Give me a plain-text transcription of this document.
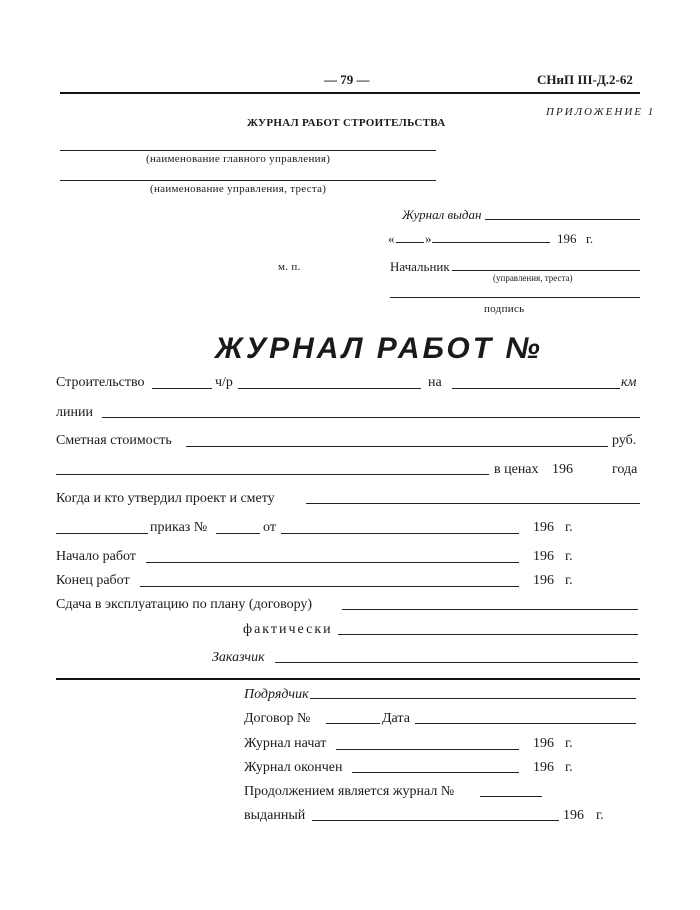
— 79 —	СНиП III-Д.2-62
ПРИЛОЖЕНИЕ 1
ЖУРНАЛ РАБОТ СТРОИТЕЛЬСТВА
(наименование главного управления)
(наименование управления, треста)
Журнал выдан
« »	196 г.
м. п.	Начальник
(управления, треста)
подпись
ЖУРНАЛ РАБОТ №
Строительство	ч/р	на	км
линии
Сметная стоимость	руб.
в ценах 196	года
Когда и кто утвердил проект и смету
приказ №	от	196 г.
Начало работ	196 г.
Конец работ	196 г.
Сдача в эксплуатацию по плану (договору)
фактически
Заказчик
Подрядчик
Договор №	Дата
Журнал начат	196 г.
Журнал окончен	196 г.
Продолжением является журнал №
выданный	196 г.
